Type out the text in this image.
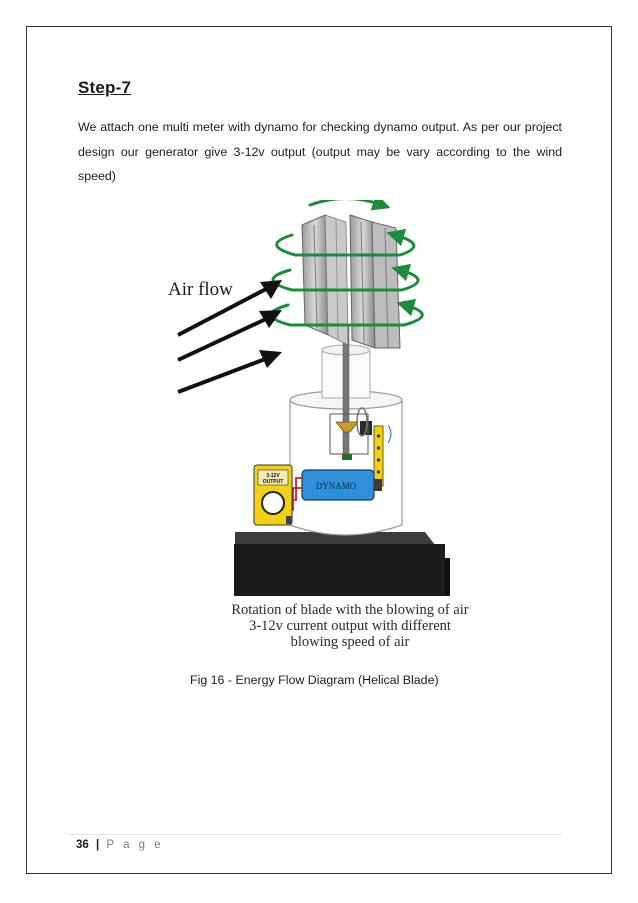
Step-7
We attach one multi meter with dynamo for checking dynamo output. As per our project design our generator give 3-12v output (output may be vary according to the wind speed)
DYNAMO
3-12V
OUTPUT
Air flow
Rotation of blade with the blowing of air
3-12v current output with different
blowing speed of air
Fig 16 - Energy Flow Diagram (Helical Blade)
36 | P a g e
